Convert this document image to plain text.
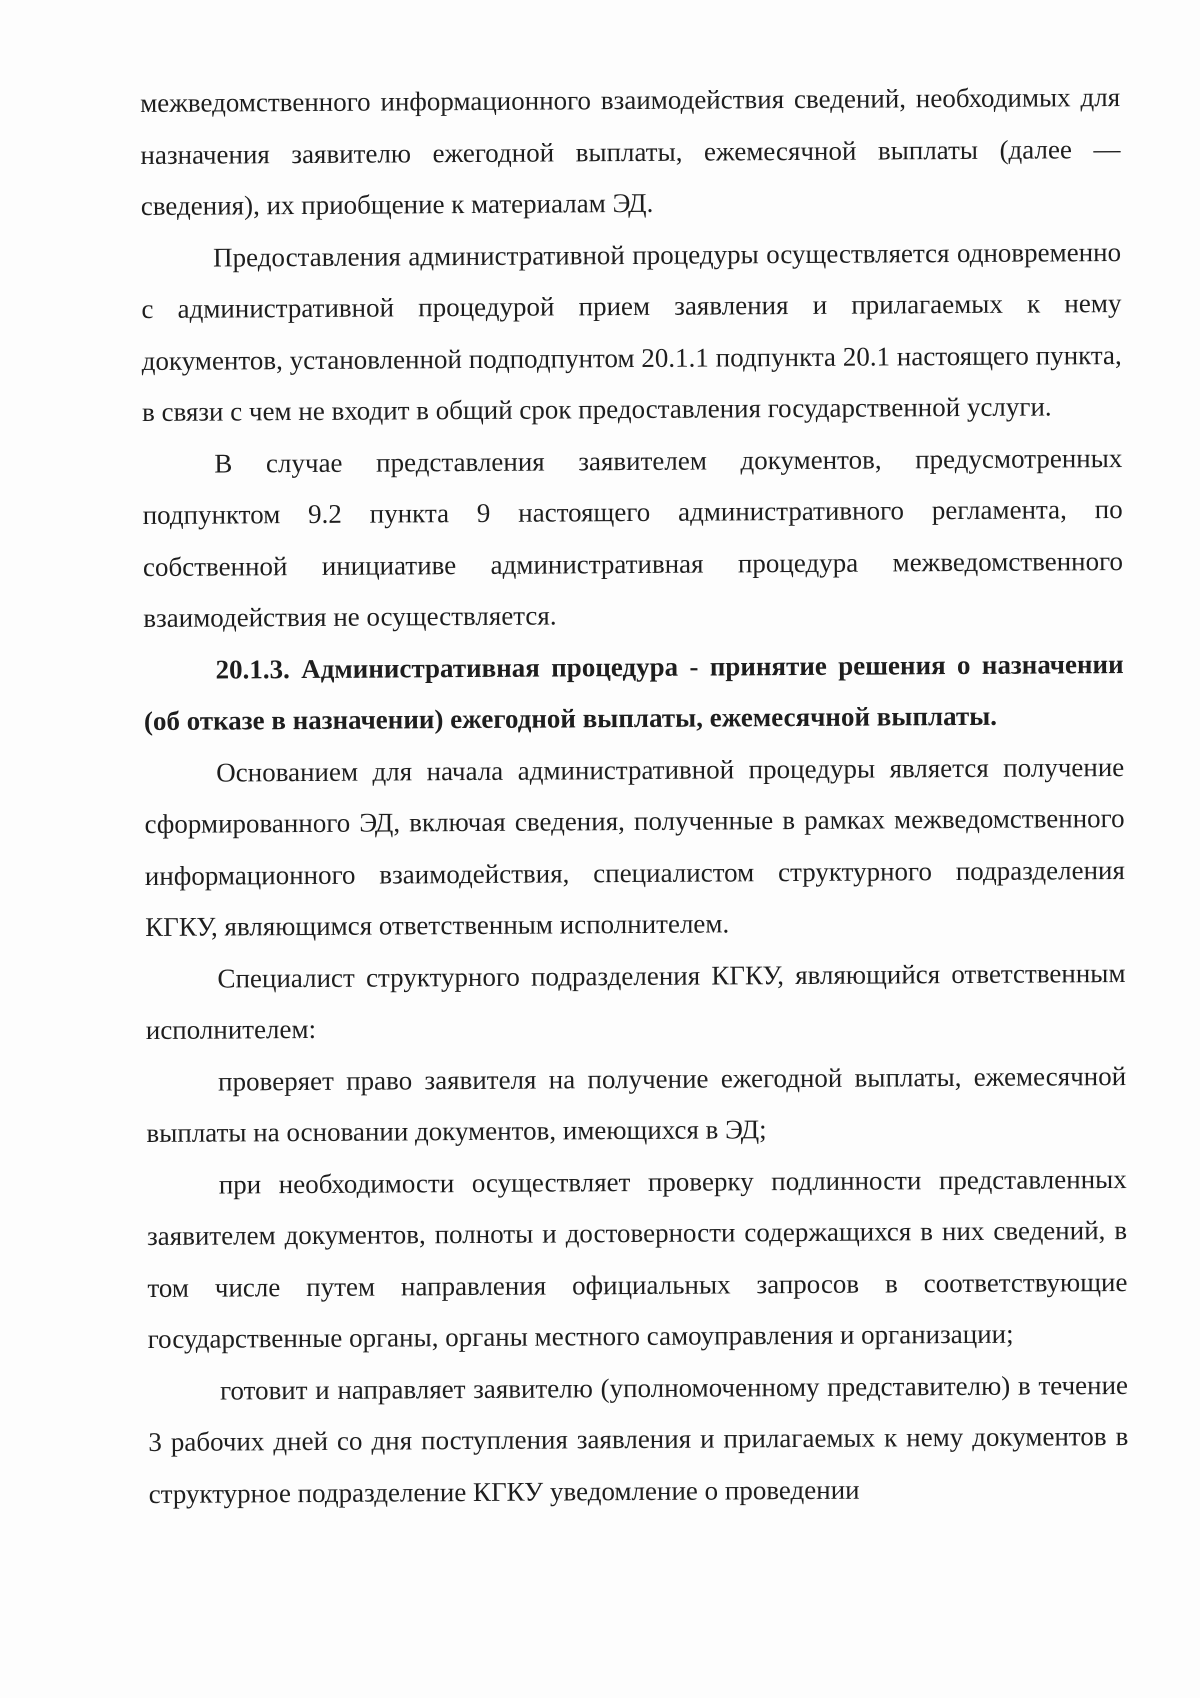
межведомственного информационного взаимодействия сведений, необходимых для назначения заявителю ежегодной выплаты, ежемесячной выплаты (далее — сведения), их приобщение к материалам ЭД.

Предоставления административной процедуры осуществляется одновременно с административной процедурой прием заявления и прилагаемых к нему документов, установленной подподпунтом 20.1.1 подпункта 20.1 настоящего пункта, в связи с чем не входит в общий срок предоставления государственной услуги.

В случае представления заявителем документов, предусмотренных подпунктом 9.2 пункта 9 настоящего административного регламента, по собственной инициативе административная процедура межведомственного взаимодействия не осуществляется.

20.1.3. Административная процедура - принятие решения о назначении (об отказе в назначении) ежегодной выплаты, ежемесячной выплаты.

Основанием для начала административной процедуры является получение сформированного ЭД, включая сведения, полученные в рамках межведомственного информационного взаимодействия, специалистом структурного подразделения КГКУ, являющимся ответственным исполнителем.

Специалист структурного подразделения КГКУ, являющийся ответственным исполнителем:

проверяет право заявителя на получение ежегодной выплаты, ежемесячной выплаты на основании документов, имеющихся в ЭД;

при необходимости осуществляет проверку подлинности представленных заявителем документов, полноты и достоверности содержащихся в них сведений, в том числе путем направления официальных запросов в соответствующие государственные органы, органы местного самоуправления и организации;

готовит и направляет заявителю (уполномоченному представителю) в течение 3 рабочих дней со дня поступления заявления и прилагаемых к нему документов в структурное подразделение КГКУ уведомление о проведении
